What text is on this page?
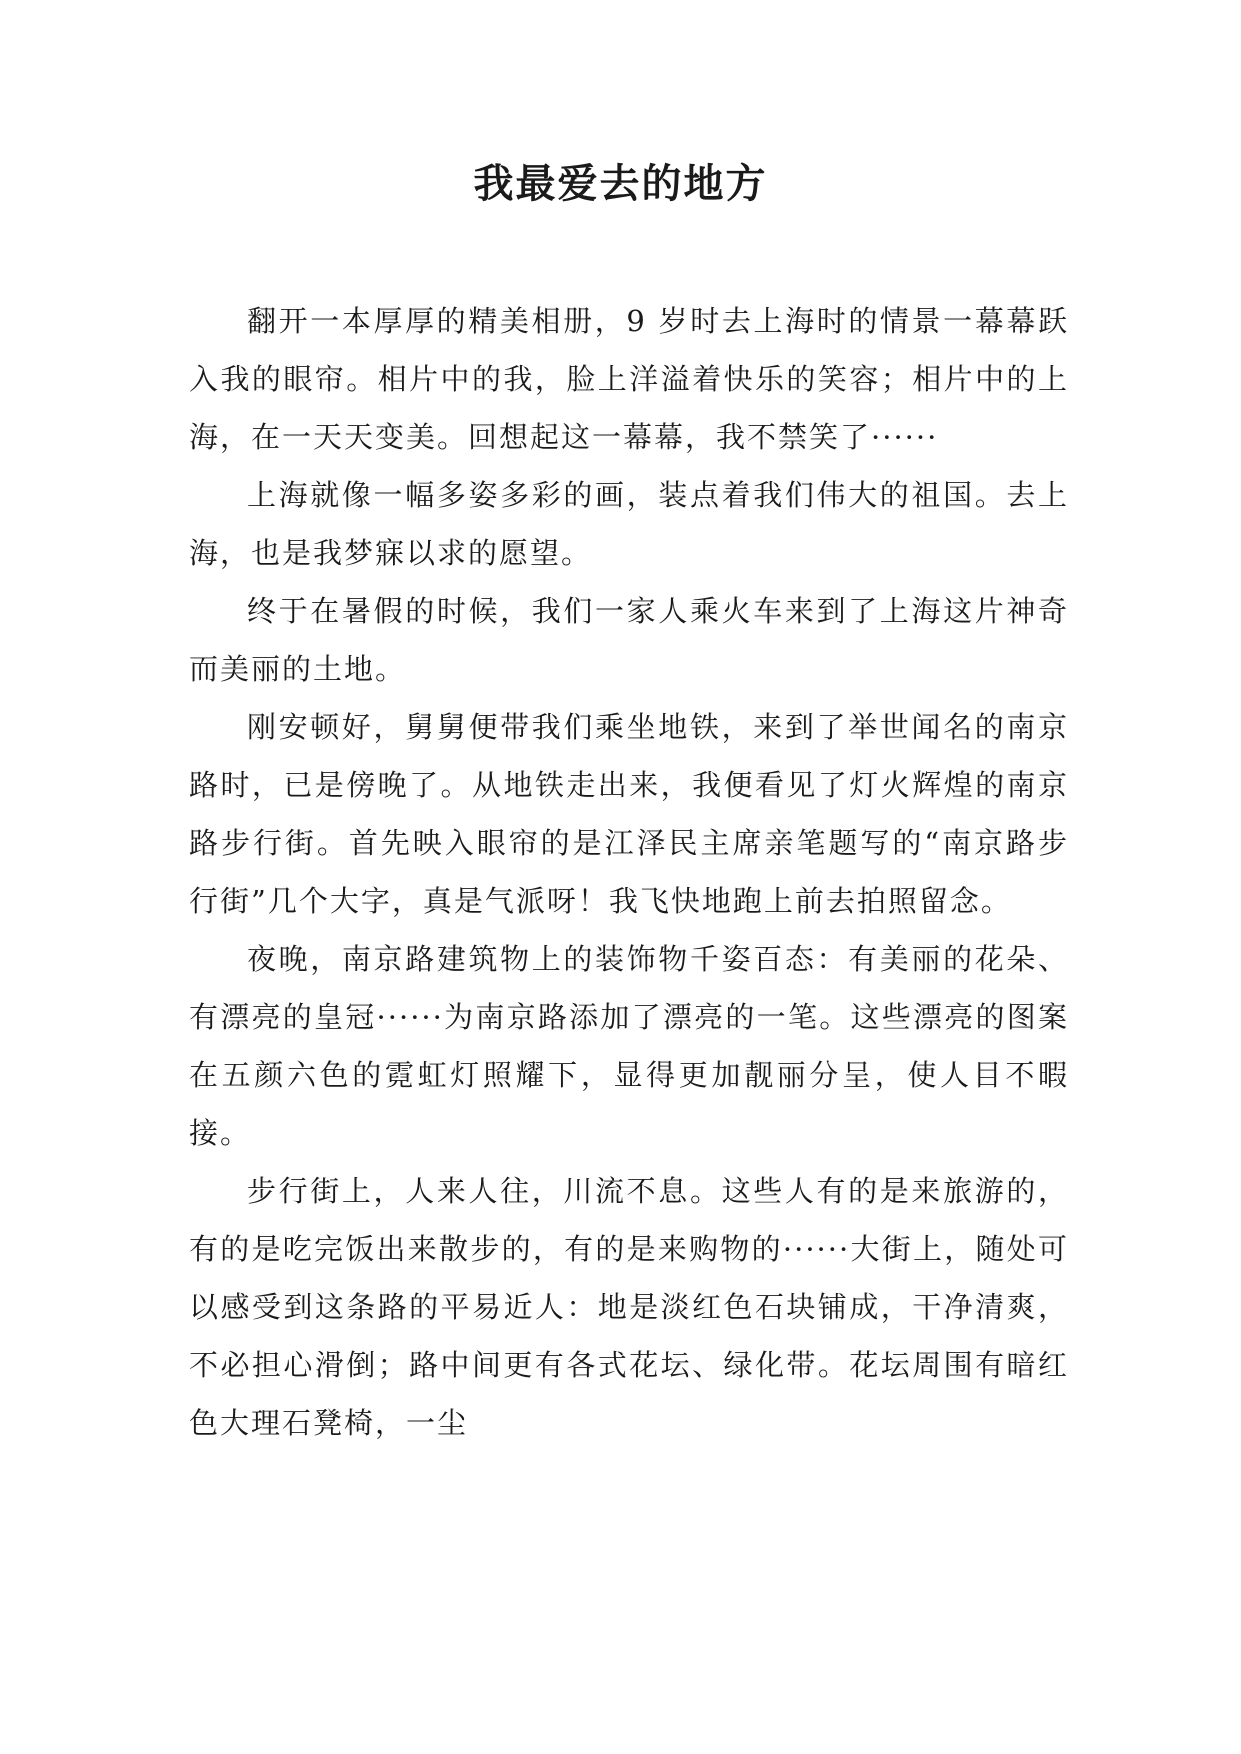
我最爱去的地方

翻开一本厚厚的精美相册，9 岁时去上海时的情景一幕幕跃入我的眼帘。相片中的我，脸上洋溢着快乐的笑容；相片中的上海，在一天天变美。回想起这一幕幕，我不禁笑了······

上海就像一幅多姿多彩的画，装点着我们伟大的祖国。去上海，也是我梦寐以求的愿望。

终于在暑假的时候，我们一家人乘火车来到了上海这片神奇而美丽的土地。

刚安顿好，舅舅便带我们乘坐地铁，来到了举世闻名的南京路时，已是傍晚了。从地铁走出来，我便看见了灯火辉煌的南京路步行街。首先映入眼帘的是江泽民主席亲笔题写的“南京路步行街”几个大字，真是气派呀！我飞快地跑上前去拍照留念。

夜晚，南京路建筑物上的装饰物千姿百态：有美丽的花朵、有漂亮的皇冠······为南京路添加了漂亮的一笔。这些漂亮的图案在五颜六色的霓虹灯照耀下，显得更加靓丽分呈，使人目不暇接。

步行街上，人来人往，川流不息。这些人有的是来旅游的，有的是吃完饭出来散步的，有的是来购物的······大街上，随处可以感受到这条路的平易近人：地是淡红色石块铺成，干净清爽，不必担心滑倒；路中间更有各式花坛、绿化带。花坛周围有暗红色大理石凳椅，一尘
